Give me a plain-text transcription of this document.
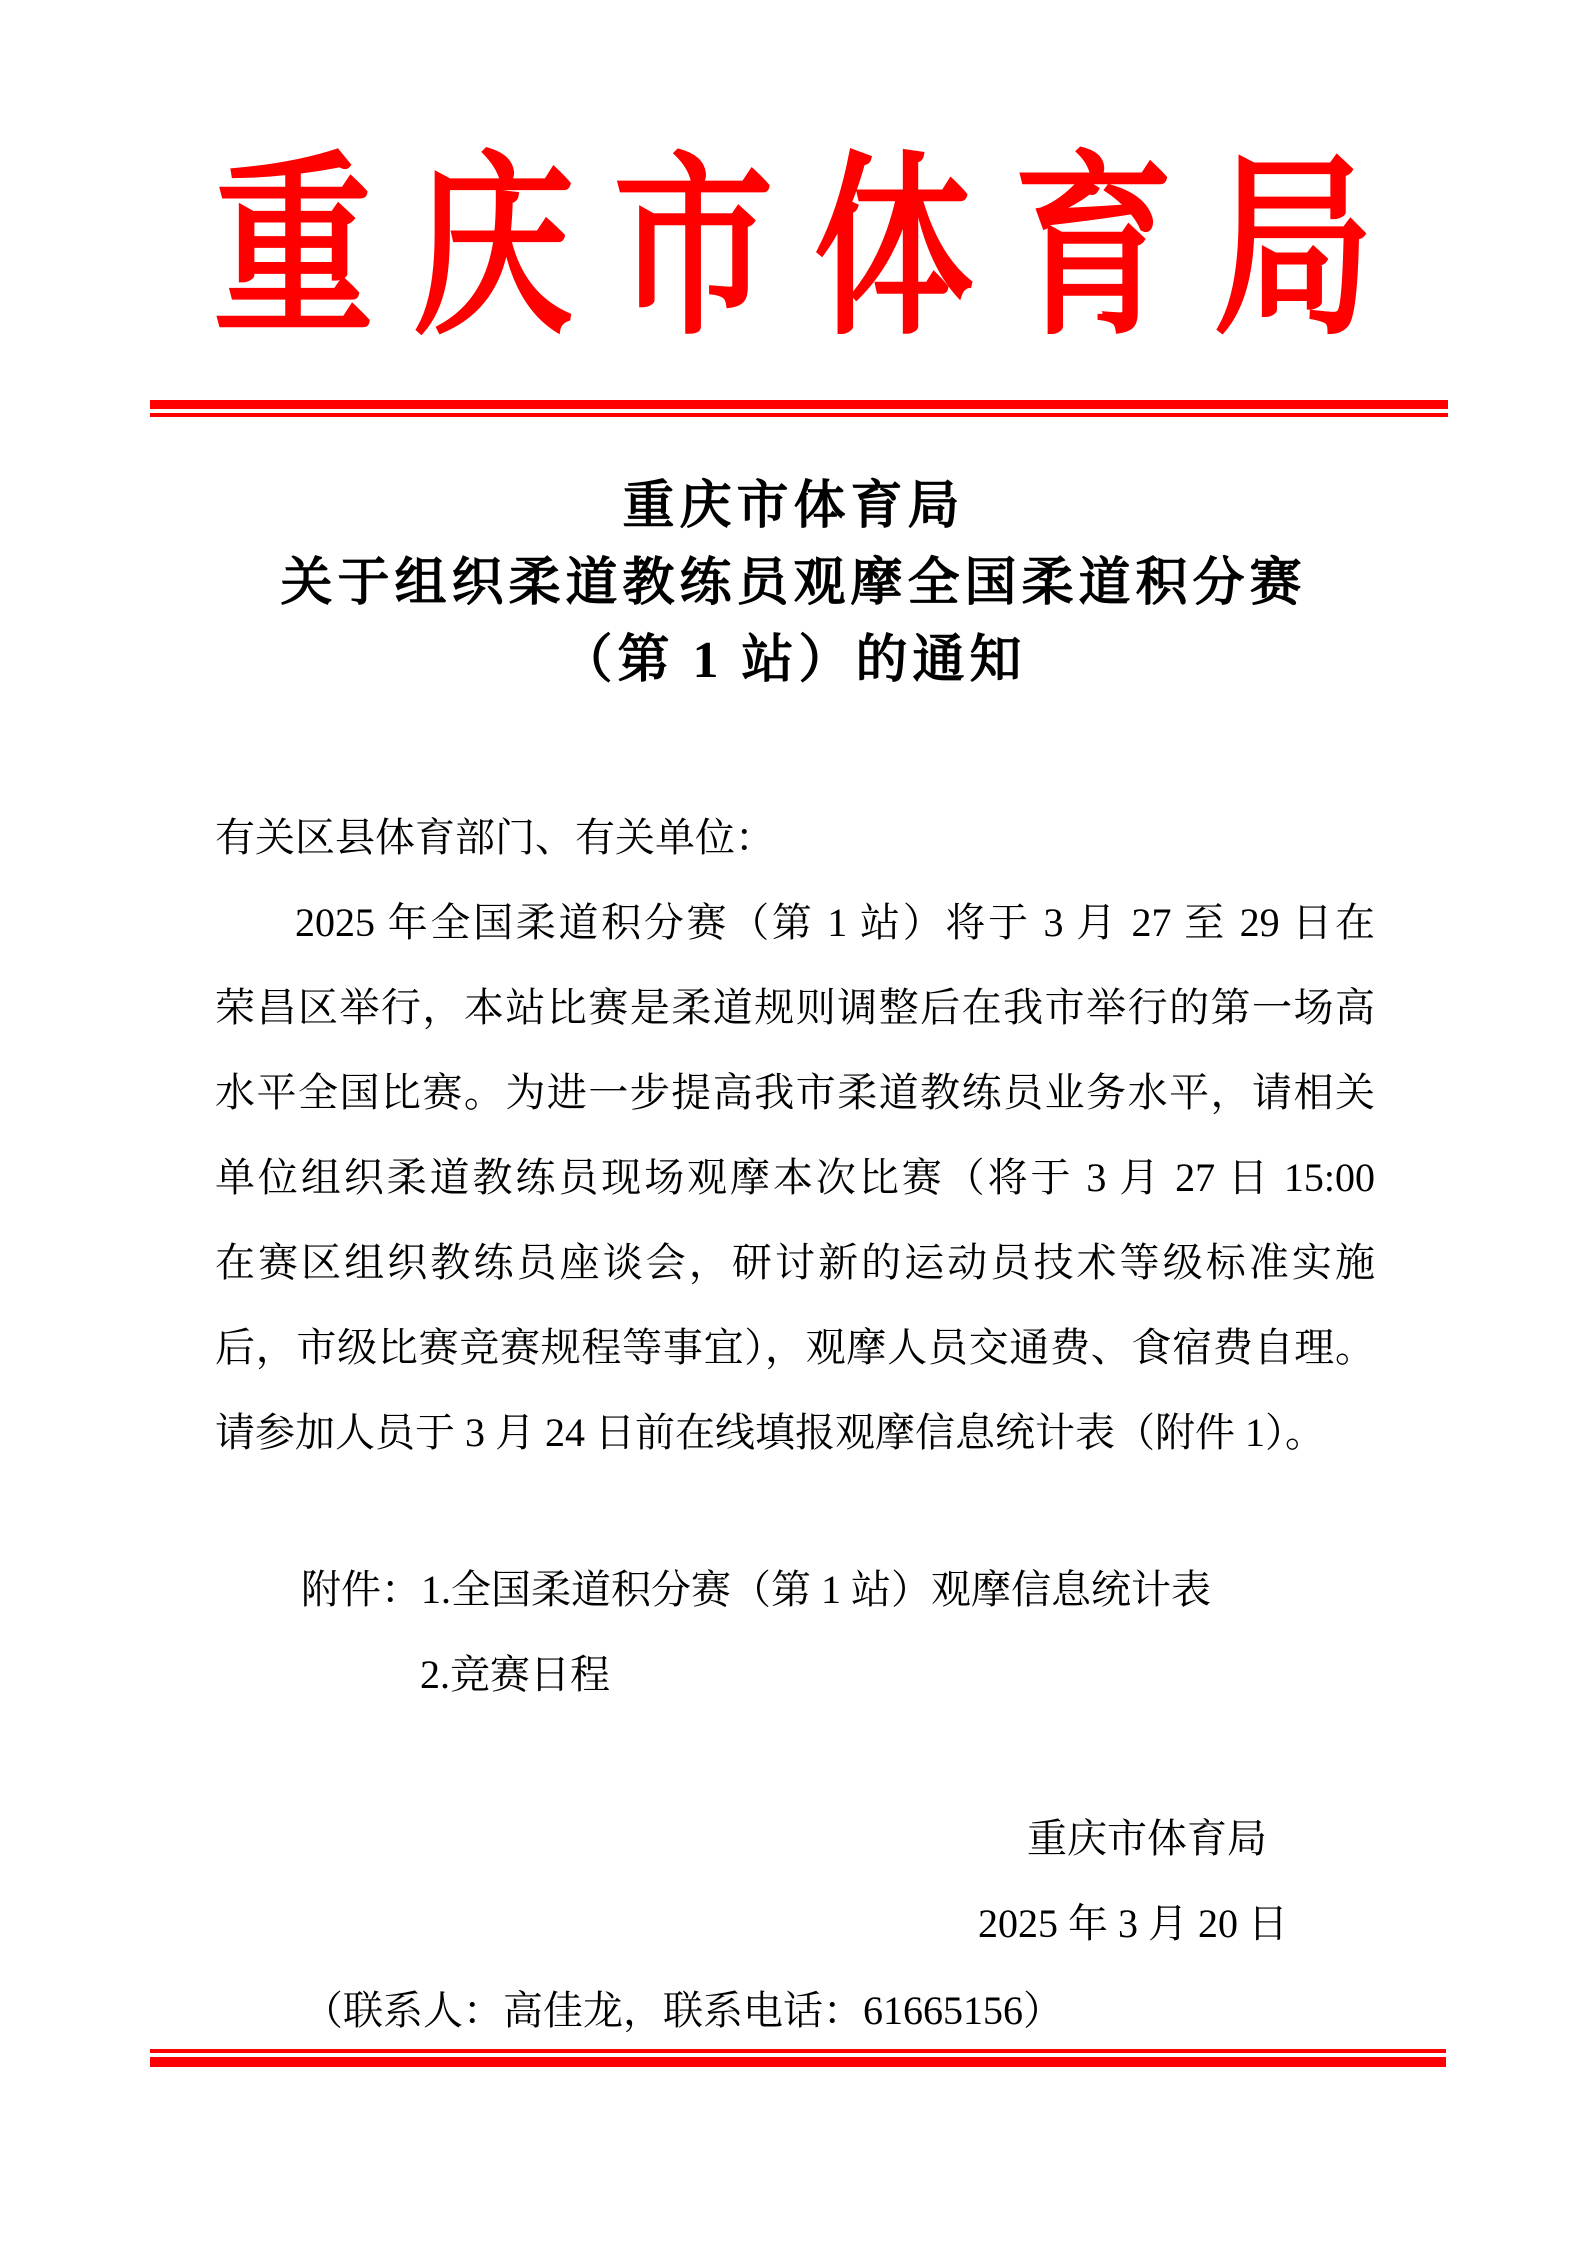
重庆市体育局
重庆市体育局
关于组织柔道教练员观摩全国柔道积分赛
（第 1 站）的通知
有关区县体育部门、有关单位：
2025 年全国柔道积分赛（第 1 站）将于 3 月 27 至 29 日在
荣昌区举行，本站比赛是柔道规则调整后在我市举行的第一场高
水平全国比赛。为进一步提高我市柔道教练员业务水平，请相关
单位组织柔道教练员现场观摩本次比赛（将于 3 月 27 日 15:00
在赛区组织教练员座谈会，研讨新的运动员技术等级标准实施
后，市级比赛竞赛规程等事宜），观摩人员交通费、食宿费自理。
请参加人员于 3 月 24 日前在线填报观摩信息统计表（附件 1）。
附件：1.全国柔道积分赛（第 1 站）观摩信息统计表
2.竞赛日程
重庆市体育局
2025 年 3 月 20 日
（联系人：高佳龙，联系电话：61665156）
